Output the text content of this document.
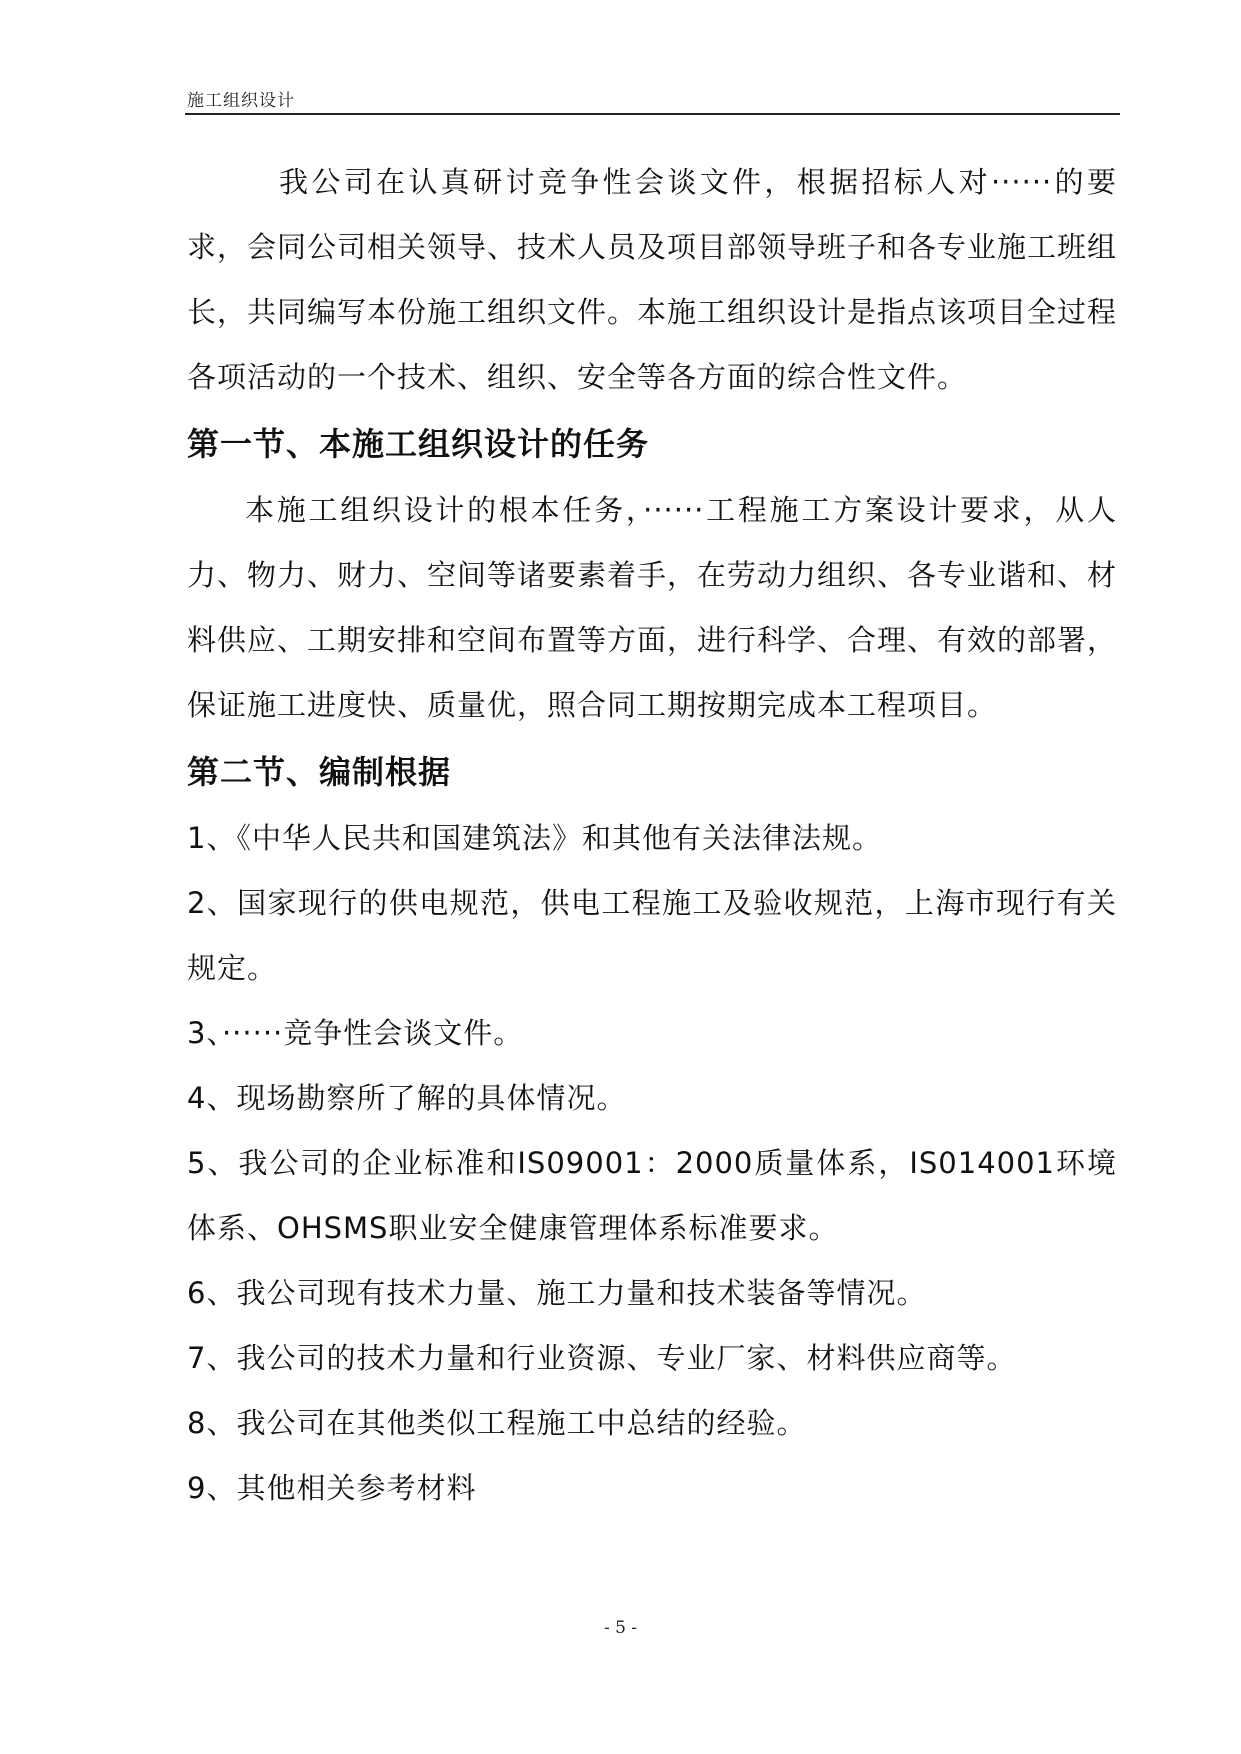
施工组织设计

我公司在认真研讨竞争性会谈文件，根据招标人对······的要求，会同公司相关领导、技术人员及项目部领导班子和各专业施工班组长，共同编写本份施工组织文件。本施工组织设计是指点该项目全过程各项活动的一个技术、组织、安全等各方面的综合性文件。

第一节、本施工组织设计的任务

本施工组织设计的根本任务，······工程施工方案设计要求，从人力、物力、财力、空间等诸要素着手，在劳动力组织、各专业谐和、材料供应、工期安排和空间布置等方面，进行科学、合理、有效的部署，保证施工进度快、质量优，照合同工期按期完成本工程项目。

第二节、编制根据

1、《中华人民共和国建筑法》和其他有关法律法规。

2、国家现行的供电规范，供电工程施工及验收规范，上海市现行有关规定。

3、······竞争性会谈文件。

4、现场勘察所了解的具体情况。

5、我公司的企业标准和IS09001：2000质量体系，IS014001环境体系、OHSMS职业安全健康管理体系标准要求。

6、我公司现有技术力量、施工力量和技术装备等情况。

7、我公司的技术力量和行业资源、专业厂家、材料供应商等。

8、我公司在其他类似工程施工中总结的经验。

9、其他相关参考材料

- 5 -
